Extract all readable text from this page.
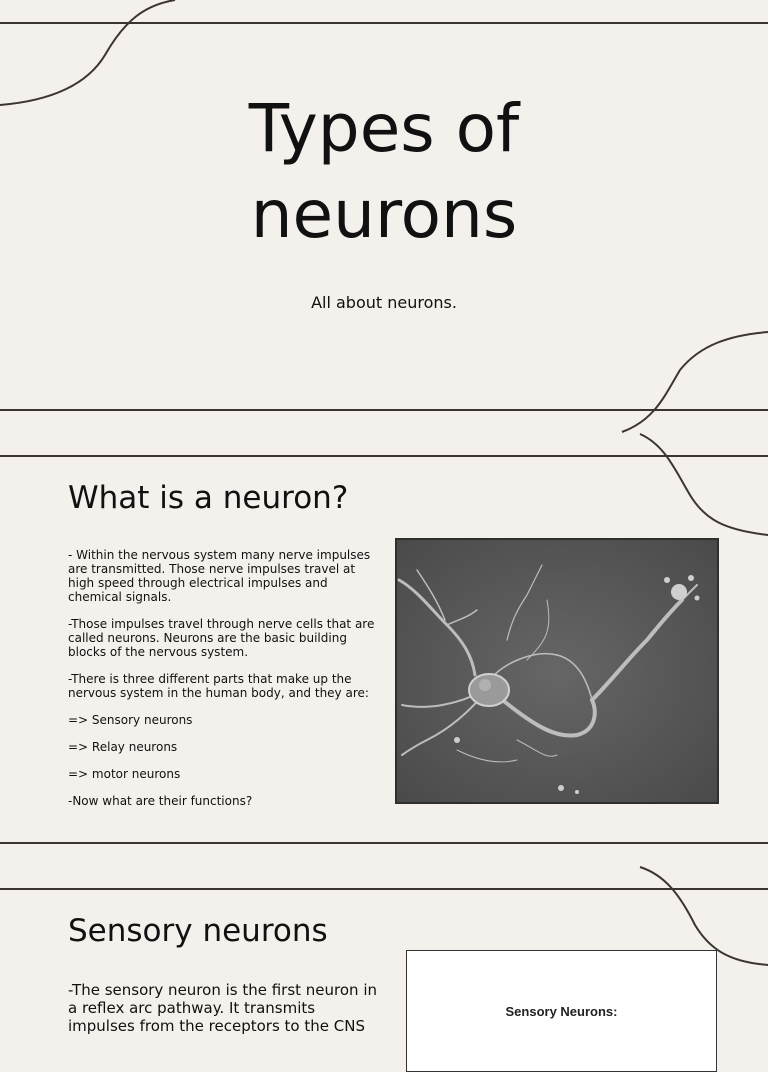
Types of
neurons

All about neurons.

What is a neuron?

- Within the nervous system many nerve impulses are transmitted. Those nerve impulses travel at high speed through electrical impulses and chemical signals.

-Those impulses travel through nerve cells that are called neurons. Neurons are the basic building blocks of the nervous system.

-There is three different parts that make up the nervous system in the human body, and they are:

=> Sensory neurons

=> Relay neurons

=> motor neurons

-Now what are their functions?

Sensory neurons

-The sensory neuron is the first neuron in a reflex arc pathway. It transmits impulses from the receptors to the CNS

Sensory Neurons:
